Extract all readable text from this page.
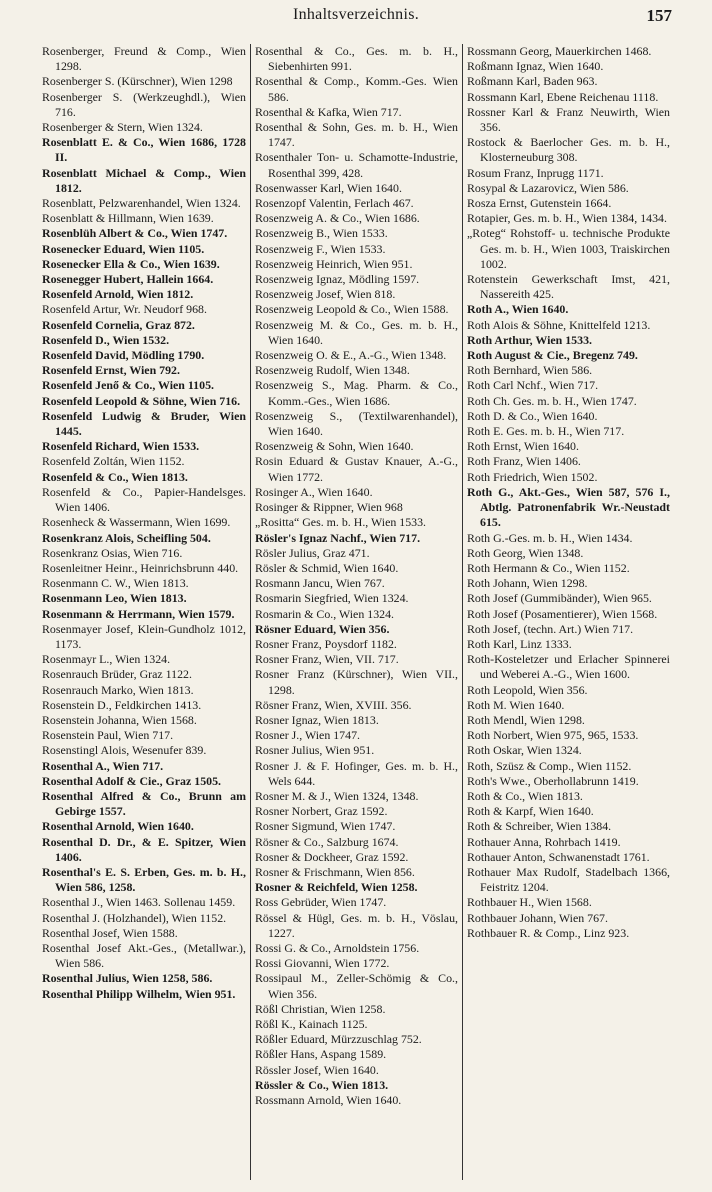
Inhaltsverzeichnis.	157

Rosenberger, Freund & Comp., Wien 1298.

Rosenberger S. (Kürschner), Wien 1298

Rosenberger S. (Werkzeughdl.), Wien 716.

Rosenberger & Stern, Wien 1324.

Rosenblatt E. & Co., Wien 1686, 1728 II.

Rosenblatt Michael & Comp., Wien 1812.

Rosenblatt, Pelzwarenhandel, Wien 1324.

Rosenblatt & Hillmann, Wien 1639.

Rosenblüh Albert & Co., Wien 1747.

Rosenecker Eduard, Wien 1105.

Rosenecker Ella & Co., Wien 1639.

Rosenegger Hubert, Hallein 1664.

Rosenfeld Arnold, Wien 1812.

Rosenfeld Artur, Wr. Neudorf 968.

Rosenfeld Cornelia, Graz 872.

Rosenfeld D., Wien 1532.

Rosenfeld David, Mödling 1790.

Rosenfeld Ernst, Wien 792.

Rosenfeld Jenő & Co., Wien 1105.

Rosenfeld Leopold & Söhne, Wien 716.

Rosenfeld Ludwig & Bruder, Wien 1445.

Rosenfeld Richard, Wien 1533.

Rosenfeld Zoltán, Wien 1152.

Rosenfeld & Co., Wien 1813.

Rosenfeld & Co., Papier-Handelsges. Wien 1406.

Rosenheck & Wassermann, Wien 1699.

Rosenkranz Alois, Scheifling 504.

Rosenkranz Osias, Wien 716.

Rosenleitner Heinr., Heinrichsbrunn 440.

Rosenmann C. W., Wien 1813.

Rosenmann Leo, Wien 1813.

Rosenmann & Herrmann, Wien 1579.

Rosenmayer Josef, Klein-Gundholz 1012, 1173.

Rosenmayr L., Wien 1324.

Rosenrauch Brüder, Graz 1122.

Rosenrauch Marko, Wien 1813.

Rosenstein D., Feldkirchen 1413.

Rosenstein Johanna, Wien 1568.

Rosenstein Paul, Wien 717.

Rosenstingl Alois, Wesenufer 839.

Rosenthal A., Wien 717.

Rosenthal Adolf & Cie., Graz 1505.

Rosenthal Alfred & Co., Brunn am Gebirge 1557.

Rosenthal Arnold, Wien 1640.

Rosenthal D. Dr., & E. Spitzer, Wien 1406.

Rosenthal's E. S. Erben, Ges. m. b. H., Wien 586, 1258.

Rosenthal J., Wien 1463. Sollenau 1459.

Rosenthal J. (Holzhandel), Wien 1152.

Rosenthal Josef, Wien 1588.

Rosenthal Josef Akt.-Ges., (Metallwar.), Wien 586.

Rosenthal Julius, Wien 1258, 586.

Rosenthal Philipp Wilhelm, Wien 951.

Rosenthal & Co., Ges. m. b. H., Siebenhirten 991.

Rosenthal & Comp., Komm.-Ges. Wien 586.

Rosenthal & Kafka, Wien 717.

Rosenthal & Sohn, Ges. m. b. H., Wien 1747.

Rosenthaler Ton- u. Schamotte-Industrie, Rosenthal 399, 428.

Rosenwasser Karl, Wien 1640.

Rosenzopf Valentin, Ferlach 467.

Rosenzweig A. & Co., Wien 1686.

Rosenzweig B., Wien 1533.

Rosenzweig F., Wien 1533.

Rosenzweig Heinrich, Wien 951.

Rosenzweig Ignaz, Mödling 1597.

Rosenzweig Josef, Wien 818.

Rosenzweig Leopold & Co., Wien 1588.

Rosenzweig M. & Co., Ges. m. b. H., Wien 1640.

Rosenzweig O. & E., A.-G., Wien 1348.

Rosenzweig Rudolf, Wien 1348.

Rosenzweig S., Mag. Pharm. & Co., Komm.-Ges., Wien 1686.

Rosenzweig S., (Textilwarenhandel), Wien 1640.

Rosenzweig & Sohn, Wien 1640.

Rosin Eduard & Gustav Knauer, A.-G., Wien 1772.

Rosinger A., Wien 1640.

Rosinger & Rippner, Wien 968

„Rositta“ Ges. m. b. H., Wien 1533.

Rösler's Ignaz Nachf., Wien 717.

Rösler Julius, Graz 471.

Rösler & Schmid, Wien 1640.

Rosmann Jancu, Wien 767.

Rosmarin Siegfried, Wien 1324.

Rosmarin & Co., Wien 1324.

Rösner Eduard, Wien 356.

Rosner Franz, Poysdorf 1182.

Rosner Franz, Wien, VII. 717.

Rosner Franz (Kürschner), Wien VII., 1298.

Rösner Franz, Wien, XVIII. 356.

Rosner Ignaz, Wien 1813.

Rosner J., Wien 1747.

Rosner Julius, Wien 951.

Rosner J. & F. Hofinger, Ges. m. b. H., Wels 644.

Rosner M. & J., Wien 1324, 1348.

Rosner Norbert, Graz 1592.

Rosner Sigmund, Wien 1747.

Rösner & Co., Salzburg 1674.

Rosner & Dockheer, Graz 1592.

Rosner & Frischmann, Wien 856.

Rosner & Reichfeld, Wien 1258.

Ross Gebrüder, Wien 1747.

Rössel & Hügl, Ges. m. b. H., Vöslau, 1227.

Rossi G. & Co., Arnoldstein 1756.

Rossi Giovanni, Wien 1772.

Rossipaul M., Zeller-Schömig & Co., Wien 356.

Rößl Christian, Wien 1258.

Rößl K., Kainach 1125.

Rößler Eduard, Mürzzuschlag 752.

Rößler Hans, Aspang 1589.

Rössler Josef, Wien 1640.

Rössler & Co., Wien 1813.

Rossmann Arnold, Wien 1640.

Rossmann Georg, Mauerkirchen 1468.

Roßmann Ignaz, Wien 1640.

Roßmann Karl, Baden 963.

Rossmann Karl, Ebene Reichenau 1118.

Rossner Karl & Franz Neuwirth, Wien 356.

Rostock & Baerlocher Ges. m. b. H., Klosterneuburg 308.

Rosum Franz, Inprugg 1171.

Rosypal & Lazarovicz, Wien 586.

Rosza Ernst, Gutenstein 1664.

Rotapier, Ges. m. b. H., Wien 1384, 1434.

„Roteg“ Rohstoff- u. technische Produkte Ges. m. b. H., Wien 1003, Traiskirchen 1002.

Rotenstein Gewerkschaft Imst, 421, Nassereith 425.

Roth A., Wien 1640.

Roth Alois & Söhne, Knittelfeld 1213.

Roth Arthur, Wien 1533.

Roth August & Cie., Bregenz 749.

Roth Bernhard, Wien 586.

Roth Carl Nchf., Wien 717.

Roth Ch. Ges. m. b. H., Wien 1747.

Roth D. & Co., Wien 1640.

Roth E. Ges. m. b. H., Wien 717.

Roth Ernst, Wien 1640.

Roth Franz, Wien 1406.

Roth Friedrich, Wien 1502.

Roth G., Akt.-Ges., Wien 587, 576 I., Abtlg. Patronenfabrik Wr.-Neustadt 615.

Roth G.-Ges. m. b. H., Wien 1434.

Roth Georg, Wien 1348.

Roth Hermann & Co., Wien 1152.

Roth Johann, Wien 1298.

Roth Josef (Gummibänder), Wien 965.

Roth Josef (Posamentierer), Wien 1568.

Roth Josef, (techn. Art.) Wien 717.

Roth Karl, Linz 1333.

Roth-Kosteletzer und Erlacher Spinnerei und Weberei A.-G., Wien 1600.

Roth Leopold, Wien 356.

Roth M. Wien 1640.

Roth Mendl, Wien 1298.

Roth Norbert, Wien 975, 965, 1533.

Roth Oskar, Wien 1324.

Roth, Szüsz & Comp., Wien 1152.

Roth's Wwe., Oberhollabrunn 1419.

Roth & Co., Wien 1813.

Roth & Karpf, Wien 1640.

Roth & Schreiber, Wien 1384.

Rothauer Anna, Rohrbach 1419.

Rothauer Anton, Schwanenstadt 1761.

Rothauer Max Rudolf, Stadelbach 1366, Feistritz 1204.

Rothbauer H., Wien 1568.

Rothbauer Johann, Wien 767.

Rothbauer R. & Comp., Linz 923.
